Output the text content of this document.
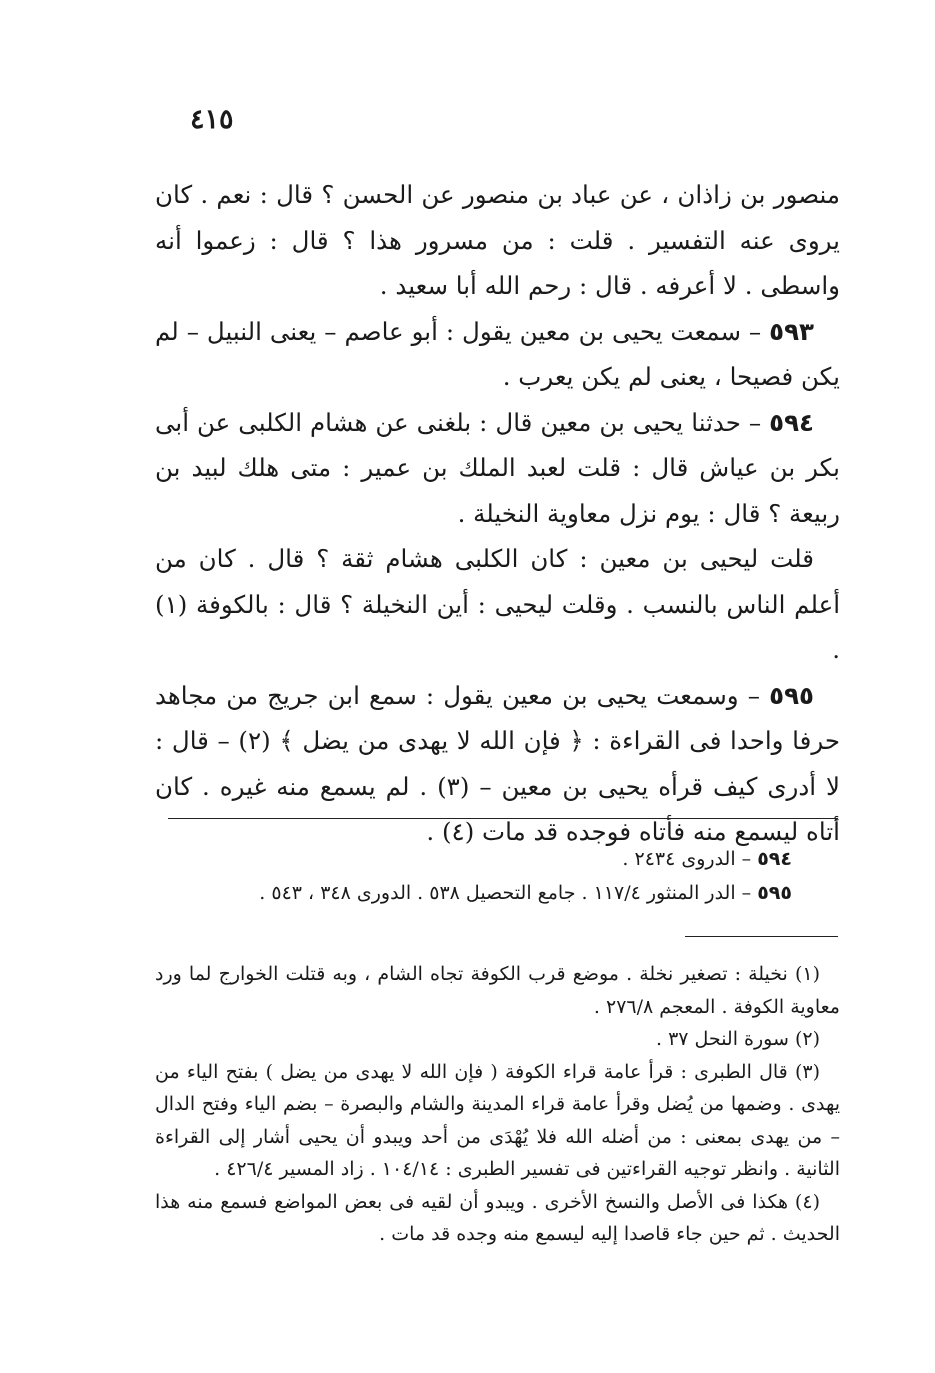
٤١٥

منصور بن زاذان ، عن عباد بن منصور عن الحسن ؟ قال : نعم . كان يروى عنه التفسير . قلت : من مسرور هذا ؟ قال : زعموا أنه واسطى . لا أعرفه . قال : رحم الله أبا سعيد .

٥٩٣ – سمعت يحيى بن معين يقول : أبو عاصم – يعنى النبيل – لم يكن فصيحا ، يعنى لم يكن يعرب .

٥٩٤ – حدثنا يحيى بن معين قال : بلغنى عن هشام الكلبى عن أبى بكر بن عياش قال : قلت لعبد الملك بن عمير : متى هلك لبيد بن ربيعة ؟ قال : يوم نزل معاوية النخيلة .

قلت ليحيى بن معين : كان الكلبى هشام ثقة ؟ قال . كان من أعلم الناس بالنسب . وقلت ليحيى : أين النخيلة ؟ قال : بالكوفة (١) .

٥٩٥ – وسمعت يحيى بن معين يقول : سمع ابن جريج من مجاهد حرفا واحدا فى القراءة : ﴿ فإن الله لا يهدى من يضل ﴾ (٢) – قال : لا أدرى كيف قرأه يحيى بن معين – (٣) . لم يسمع منه غيره . كان أتاه ليسمع منه فأتاه فوجده قد مات (٤) .

٥٩٤ – الدروى ٢٤٣٤ .

٥٩٥ – الدر المنثور ١١٧/٤ . جامع التحصيل ٥٣٨ . الدورى ٣٤٨ ، ٥٤٣ .

(١) نخيلة : تصغير نخلة . موضع قرب الكوفة تجاه الشام ، وبه قتلت الخوارج لما ورد معاوية الكوفة . المعجم ٢٧٦/٨ .

(٢) سورة النحل ٣٧ .

(٣) قال الطبرى : قرأ عامة قراء الكوفة ( فإن الله لا يهدى من يضل ) بفتح الياء من يهدى . وضمها من يُضل وقرأ عامة قراء المدينة والشام والبصرة – بضم الياء وفتح الدال – من يهدى بمعنى : من أضله الله فلا يُهْدَى من أحد ويبدو أن يحيى أشار إلى القراءة الثانية . وانظر توجيه القراءتين فى تفسير الطبرى : ١٠٤/١٤ . زاد المسير ٤٢٦/٤ .

(٤) هكذا فى الأصل والنسخ الأخرى . ويبدو أن لقيه فى بعض المواضع فسمع منه هذا الحديث . ثم حين جاء قاصدا إليه ليسمع منه وجده قد مات .
